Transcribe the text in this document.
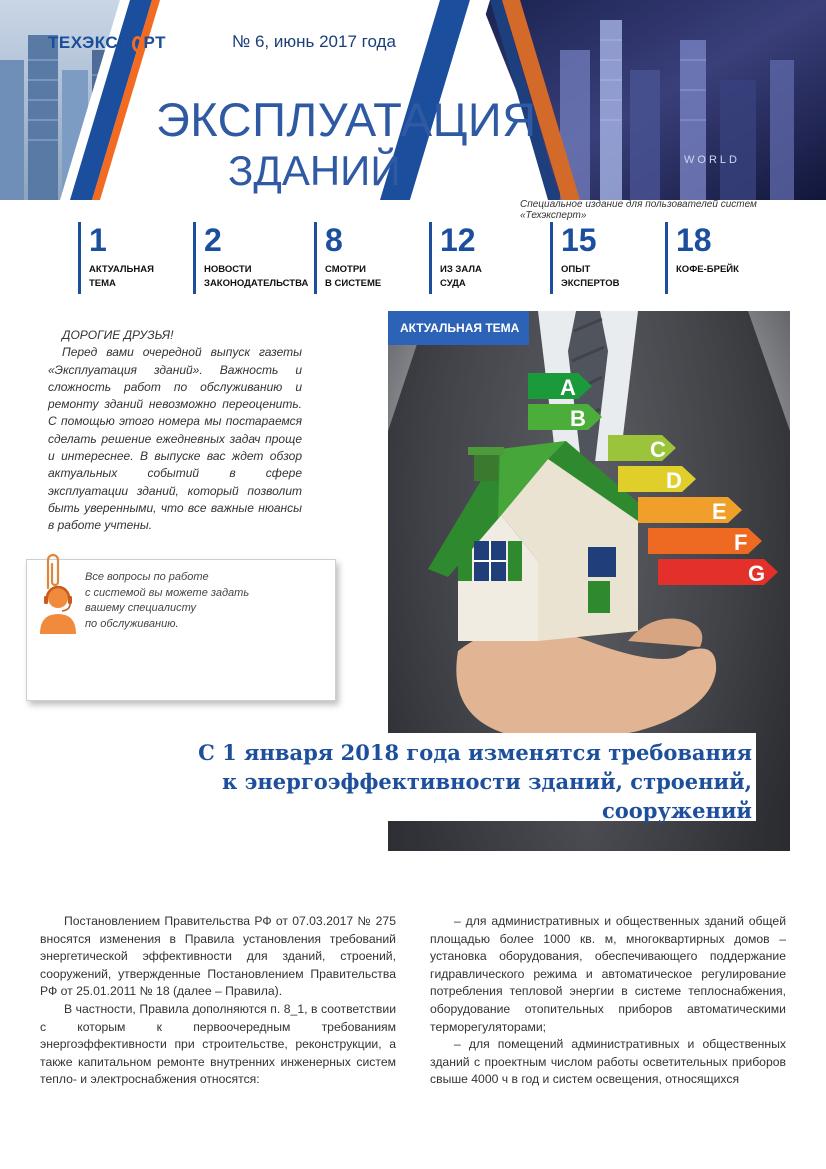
WORLD
ТЕХЭКСП РТ	№ 6, июнь 2017 года
ЭКСПЛУАТАЦИЯ
ЗДАНИЙ
Специальное издание для пользователей систем «Техэксперт»
1
АКТУАЛЬНАЯ
ТЕМА
2
НОВОСТИ
ЗАКОНОДАТЕЛЬСТВА
8
СМОТРИ
В СИСТЕМЕ
12
ИЗ ЗАЛА
СУДА
15
ОПЫТ
ЭКСПЕРТОВ
18
КОФЕ-БРЕЙК

ДОРОГИЕ ДРУЗЬЯ!

Перед вами очередной выпуск газеты «Эксплуатация зданий». Важность и сложность работ по обслуживанию и ремонту зданий невозможно переоценить. С помощью этого номера мы постараемся сделать решение ежедневных задач проще и интереснее. В выпуске вас ждет обзор актуальных событий в сфере эксплуатации зданий, который позволит быть уверенными, что все важные нюансы в работе учтены.

Все вопросы по работе
с системой вы можете задать
вашему специалисту
по обслуживанию.
A
B
C
D
E
F
G
АКТУАЛЬНАЯ ТЕМА
С 1 января 2018 года изменятся требования
к энергоэффективности зданий, строений, сооружений

Постановлением Правительства РФ от 07.03.2017 № 275 вносятся изменения в Правила установления требований энергетической эффективности для зданий, строений, сооружений, утвержденные Постановлением Правительства РФ от 25.01.2011 № 18 (далее – Правила).

В частности, Правила дополняются п. 8_1, в соответствии с которым к первоочередным требованиям энергоэффективности при строительстве, реконструкции, а также капитальном ремонте внутренних инженерных систем тепло- и электроснабжения относятся:

– для административных и общественных зданий общей площадью более 1000 кв. м, многоквартирных домов – установка оборудования, обеспечивающего поддержание гидравлического режима и автоматическое регулирование потребления тепловой энергии в системе теплоснабжения, оборудование отопительных приборов автоматическими терморегуляторами;

– для помещений административных и общественных зданий с проектным числом работы осветительных приборов свыше 4000 ч в год и систем освещения, относящихся
